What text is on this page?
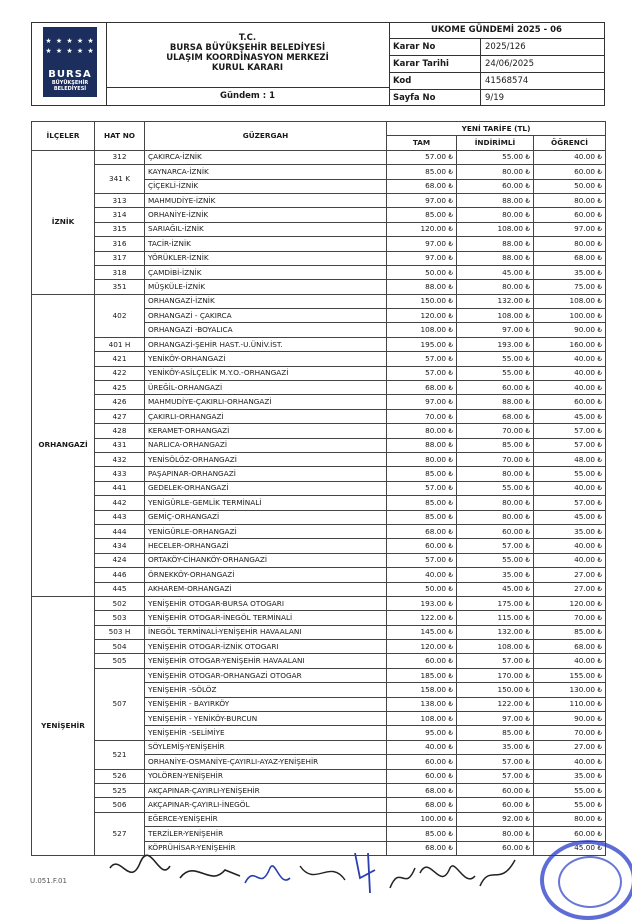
★ ★ ★ ★ ★
★ ★ ★ ★ ★
BURSA
BÜYÜKŞEHİR
BELEDİYESİ
T.C.
BURSA BÜYÜKŞEHİR BELEDİYESİ
ULAŞIM KOORDİNASYON MERKEZİ
KURUL KARARI
Gündem : 1
UKOME GÜNDEMİ 2025 - 06
Karar No	2025/126
Karar Tarihi	24/06/2025
Kod	41568574
Sayfa No	9/19
İLÇELER	HAT NO	GÜZERGAH	YENİ TARİFE (TL)		
			TAM	İNDİRİMLİ	ÖĞRENCİ
İZNİK	312	ÇAKIRCA-İZNİK	57.00 ₺	55.00 ₺	40.00 ₺
	341 K	KAYNARCA-İZNİK	85.00 ₺	80.00 ₺	60.00 ₺
		ÇİÇEKLİ-İZNİK	68.00 ₺	60.00 ₺	50.00 ₺
	313	MAHMUDİYE-İZNİK	97.00 ₺	88.00 ₺	80.00 ₺
	314	ORHANİYE-İZNİK	85.00 ₺	80.00 ₺	60.00 ₺
	315	SARIAĞIL-İZNİK	120.00 ₺	108.00 ₺	97.00 ₺
	316	TACİR-İZNİK	97.00 ₺	88.00 ₺	80.00 ₺
	317	YÖRÜKLER-İZNİK	97.00 ₺	88.00 ₺	68.00 ₺
	318	ÇAMDİBİ-İZNİK	50.00 ₺	45.00 ₺	35.00 ₺
	351	MÜŞKÜLE-İZNİK	88.00 ₺	80.00 ₺	75.00 ₺
ORHANGAZİ	402	ORHANGAZİ-İZNİK	150.00 ₺	132.00 ₺	108.00 ₺
		ORHANGAZİ - ÇAKIRCA	120.00 ₺	108.00 ₺	100.00 ₺
		ORHANGAZİ -BOYALICA	108.00 ₺	97.00 ₺	90.00 ₺
	401 H	ORHANGAZİ-ŞEHİR HAST.-U.ÜNİV.İST.	195.00 ₺	193.00 ₺	160.00 ₺
	421	YENİKÖY-ORHANGAZİ	57.00 ₺	55.00 ₺	40.00 ₺
	422	YENİKÖY-ASİLÇELİK M.Y.O.-ORHANGAZİ	57.00 ₺	55.00 ₺	40.00 ₺
	425	ÜREĞİL-ORHANGAZİ	68.00 ₺	60.00 ₺	40.00 ₺
	426	MAHMUDİYE-ÇAKIRLI-ORHANGAZİ	97.00 ₺	88.00 ₺	60.00 ₺
	427	ÇAKIRLI-ORHANGAZİ	70.00 ₺	68.00 ₺	45.00 ₺
	428	KERAMET-ORHANGAZİ	80.00 ₺	70.00 ₺	57.00 ₺
	431	NARLICA-ORHANGAZİ	88.00 ₺	85.00 ₺	57.00 ₺
	432	YENİSÖLÖZ-ORHANGAZİ	80.00 ₺	70.00 ₺	48.00 ₺
	433	PAŞAPINAR-ORHANGAZİ	85.00 ₺	80.00 ₺	55.00 ₺
	441	GEDELEK-ORHANGAZİ	57.00 ₺	55.00 ₺	40.00 ₺
	442	YENİGÜRLE-GEMLİK TERMİNALİ	85.00 ₺	80.00 ₺	57.00 ₺
	443	GEMİÇ-ORHANGAZİ	85.00 ₺	80.00 ₺	45.00 ₺
	444	YENİGÜRLE-ORHANGAZİ	68.00 ₺	60.00 ₺	35.00 ₺
	434	HECELER-ORHANGAZİ	60.00 ₺	57.00 ₺	40.00 ₺
	424	ORTAKÖY-CİHANKÖY-ORHANGAZİ	57.00 ₺	55.00 ₺	40.00 ₺
	446	ÖRNEKKÖY-ORHANGAZİ	40.00 ₺	35.00 ₺	27.00 ₺
	445	AKHAREM-ORHANGAZİ	50.00 ₺	45.00 ₺	27.00 ₺
YENİŞEHİR	502	YENİŞEHİR OTOGAR-BURSA OTOGARI	193.00 ₺	175.00 ₺	120.00 ₺
	503	YENİŞEHİR OTOGAR-İNEGÖL TERMİNALİ	122.00 ₺	115.00 ₺	70.00 ₺
	503 H	İNEGÖL TERMİNALİ-YENİŞEHİR HAVAALANI	145.00 ₺	132.00 ₺	85.00 ₺
	504	YENİŞEHİR OTOGAR-İZNİK OTOGARI	120.00 ₺	108.00 ₺	68.00 ₺
	505	YENİŞEHİR OTOGAR-YENİŞEHİR HAVAALANI	60.00 ₺	57.00 ₺	40.00 ₺
	507	YENİŞEHİR OTOGAR-ORHANGAZİ OTOGAR	185.00 ₺	170.00 ₺	155.00 ₺
		YENİŞEHİR -SÖLÖZ	158.00 ₺	150.00 ₺	130.00 ₺
		YENİŞEHİR - BAYIRKÖY	138.00 ₺	122.00 ₺	110.00 ₺
		YENİŞEHİR - YENİKÖY-BURCUN	108.00 ₺	97.00 ₺	90.00 ₺
		YENİŞEHİR -SELİMİYE	95.00 ₺	85.00 ₺	70.00 ₺
	521	SÖYLEMİŞ-YENİŞEHİR	40.00 ₺	35.00 ₺	27.00 ₺
		ORHANİYE-OSMANİYE-ÇAYIRLI-AYAZ-YENİŞEHİR	60.00 ₺	57.00 ₺	40.00 ₺
	526	YOLÖREN-YENİŞEHİR	60.00 ₺	57.00 ₺	35.00 ₺
	525	AKÇAPINAR-ÇAYIRLI-YENİŞEHİR	68.00 ₺	60.00 ₺	55.00 ₺
	506	AKÇAPINAR-ÇAYIRLI-İNEGÖL	68.00 ₺	60.00 ₺	55.00 ₺
	527	EĞERCE-YENİŞEHİR	100.00 ₺	92.00 ₺	80.00 ₺
		TERZİLER-YENİŞEHİR	85.00 ₺	80.00 ₺	60.00 ₺
		KÖPRÜHİSAR-YENİŞEHİR	68.00 ₺	60.00 ₺	45.00 ₺
U.051.F.01
